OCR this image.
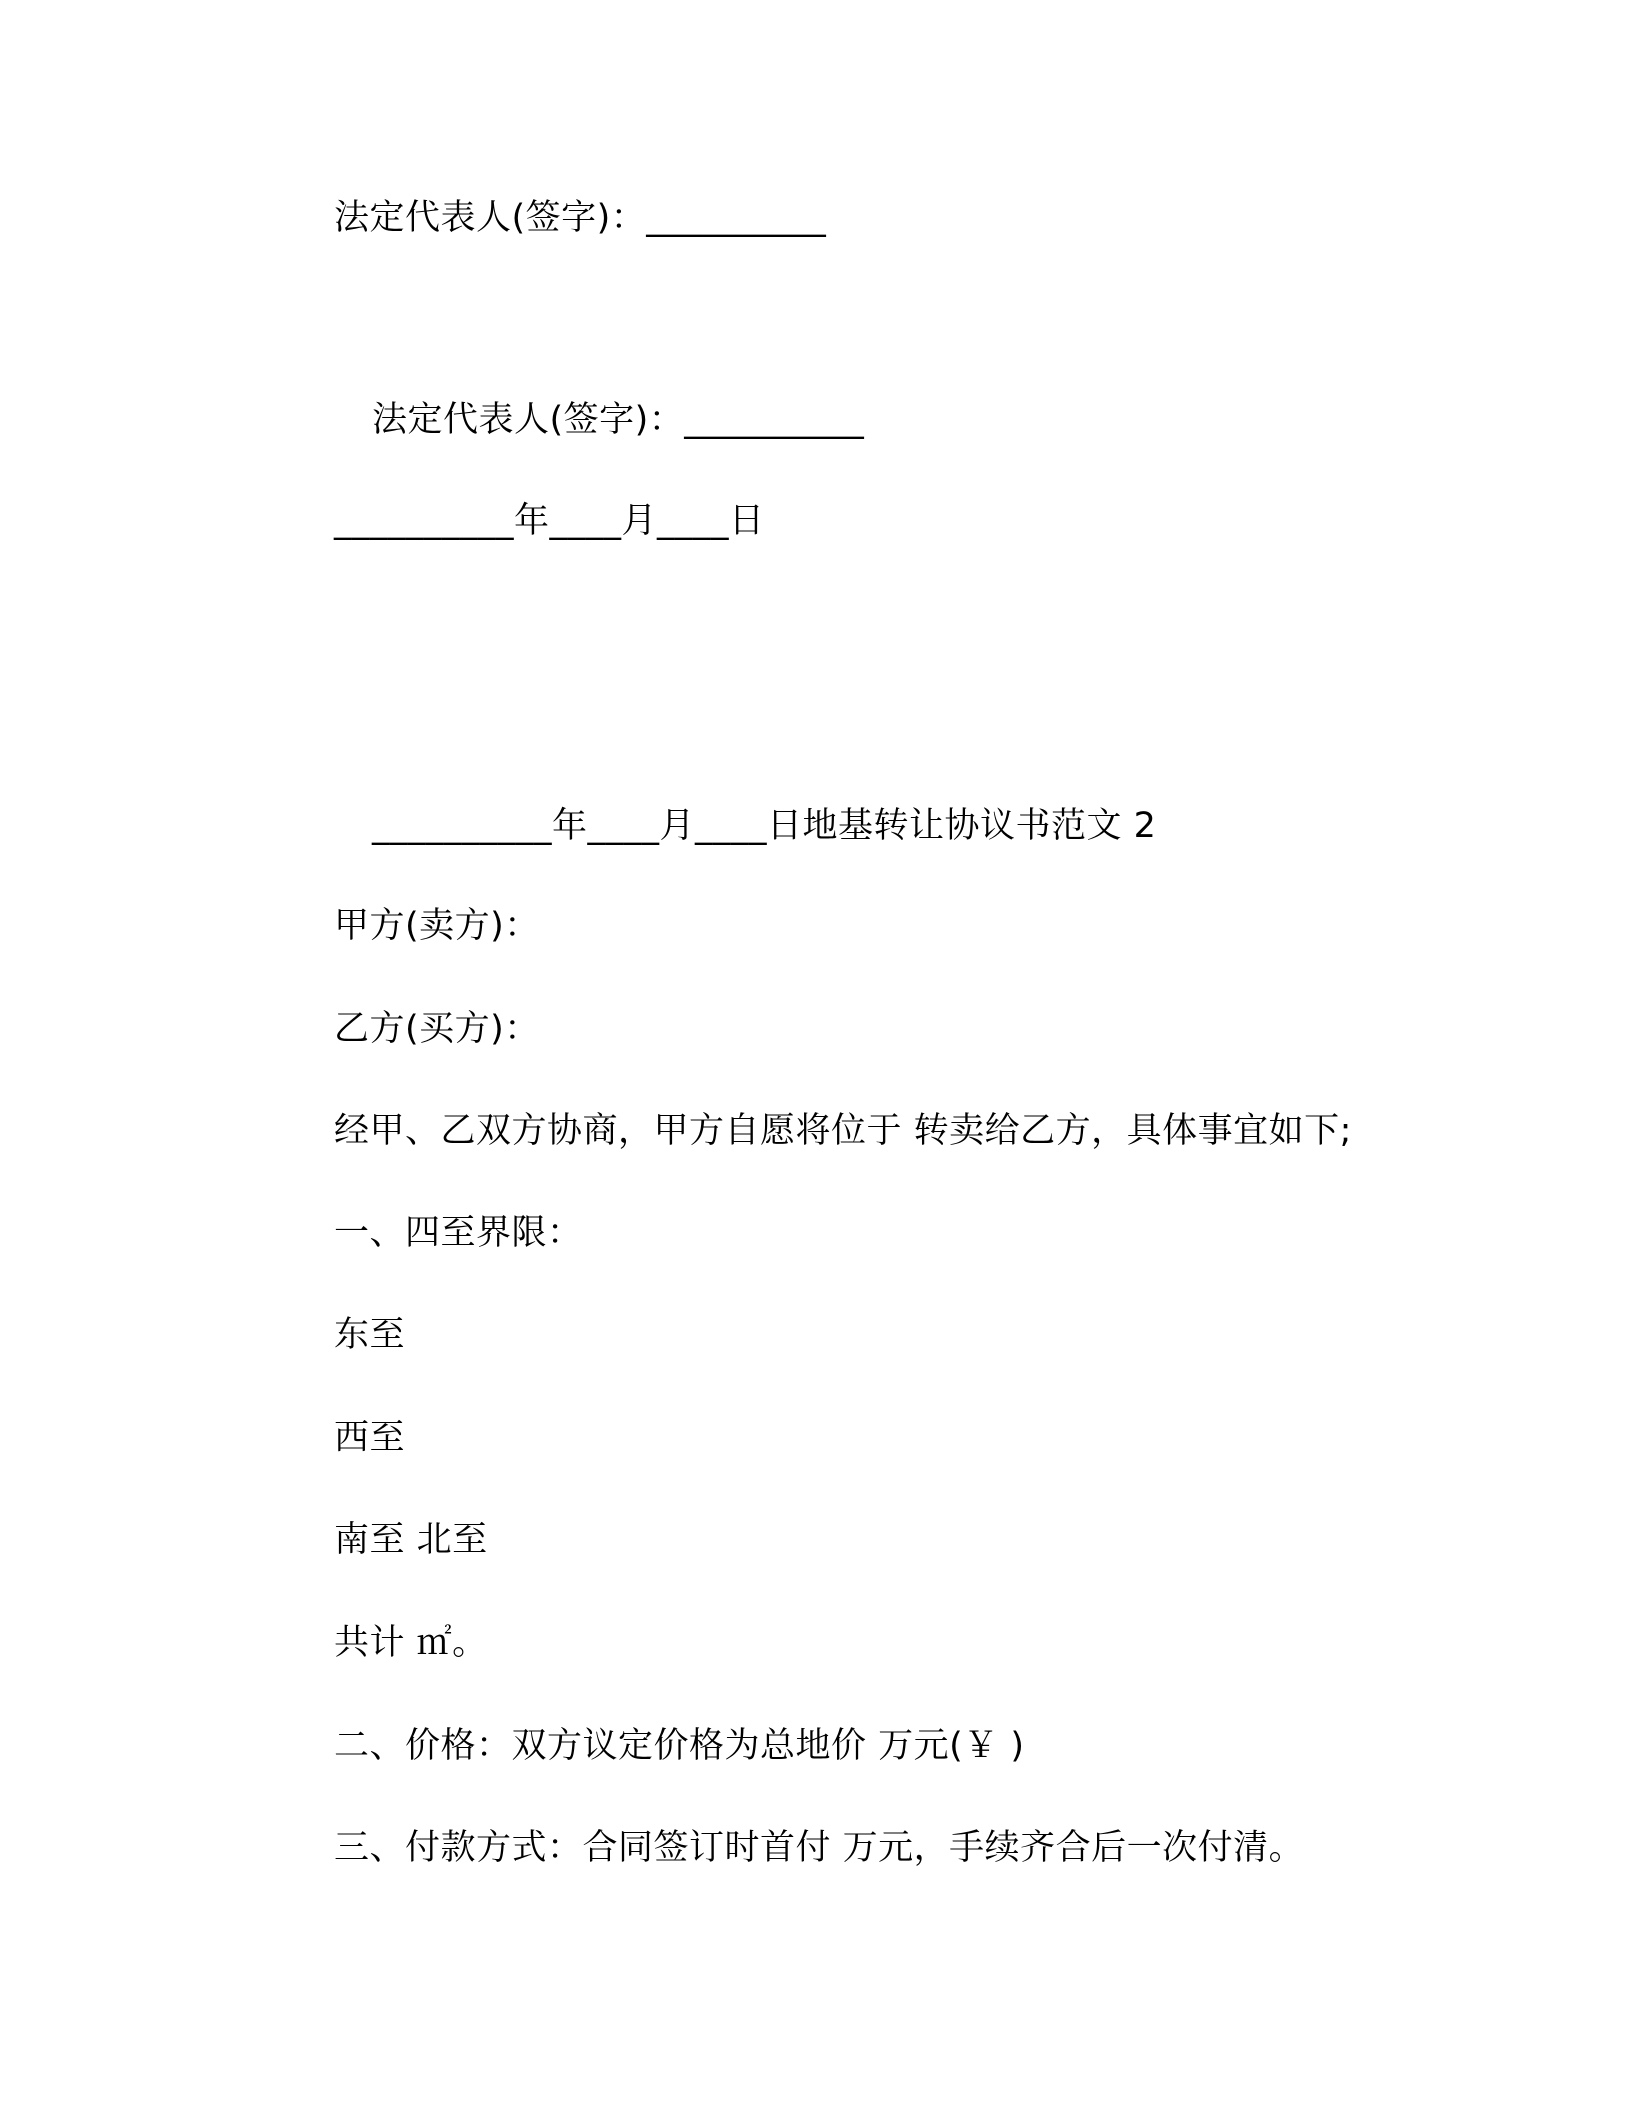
法定代表人(签字)：__________
法定代表人(签字)：__________
__________年____月____日
__________年____月____日地基转让协议书范文 2
甲方(卖方)：
乙方(买方)：
经甲、乙双方协商，甲方自愿将位于 转卖给乙方，具体事宜如下;
一、四至界限：
东至
西至
南至 北至
共计 ㎡。
二、价格：双方议定价格为总地价 万元(￥ )
三、付款方式：合同签订时首付 万元，手续齐合后一次付清。
